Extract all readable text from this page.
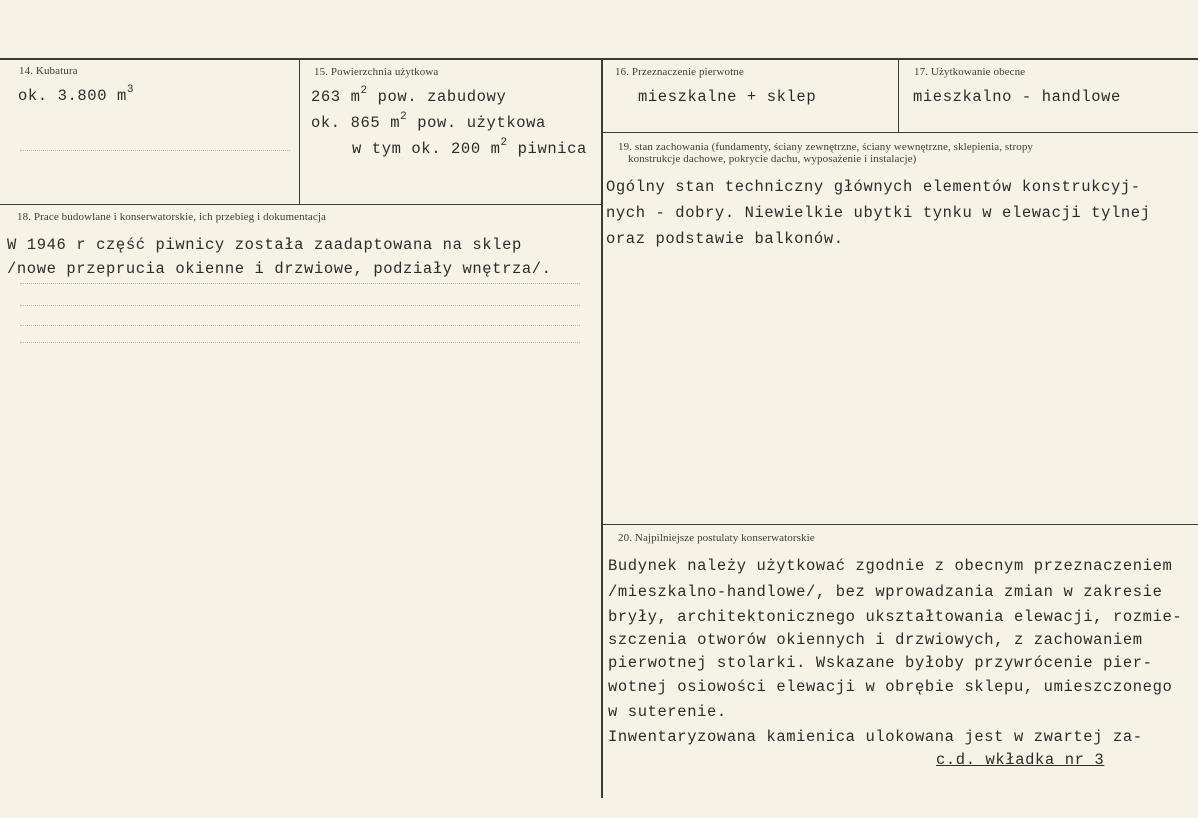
14. Kubatura
ok. 3.800 $m^3$
15. Powierzchnia użytkowa
263 $m^2$ pow. zabudowy
ok. 865 $m^2$ pow. użytkowa
w tym ok. 200 $m^2$ piwnica
16. Przeznaczenie pierwotne
mieszkalne + sklep
17. Użytkowanie obecne
mieszkalno - handlowe
19. stan zachowania (fundamenty, ściany zewnętrzne, ściany wewnętrzne, sklepienia, stropy
konstrukcje dachowe, pokrycie dachu, wyposażenie i instalacje)
Ogólny stan techniczny głównych elementów konstrukcyj-
nych - dobry. Niewielkie ubytki tynku w elewacji tylnej
oraz podstawie balkonów.
18. Prace budowlane i konserwatorskie, ich przebieg i dokumentacja
W 1946 r część piwnicy została zaadaptowana na sklep
/nowe przeprucia okienne i drzwiowe, podziały wnętrza/.
20. Najpilniejsze postulaty konserwatorskie
Budynek należy użytkować zgodnie z obecnym przeznaczeniem
/mieszkalno-handlowe/, bez wprowadzania zmian w zakresie
bryły, architektonicznego ukształtowania elewacji, rozmie-
szczenia otworów okiennych i drzwiowych, z zachowaniem
pierwotnej stolarki. Wskazane byłoby przywrócenie pier-
wotnej osiowości elewacji w obrębie sklepu, umieszczonego
w suterenie.
Inwentaryzowana kamienica ulokowana jest w zwartej za-
c.d. wkładka nr 3
